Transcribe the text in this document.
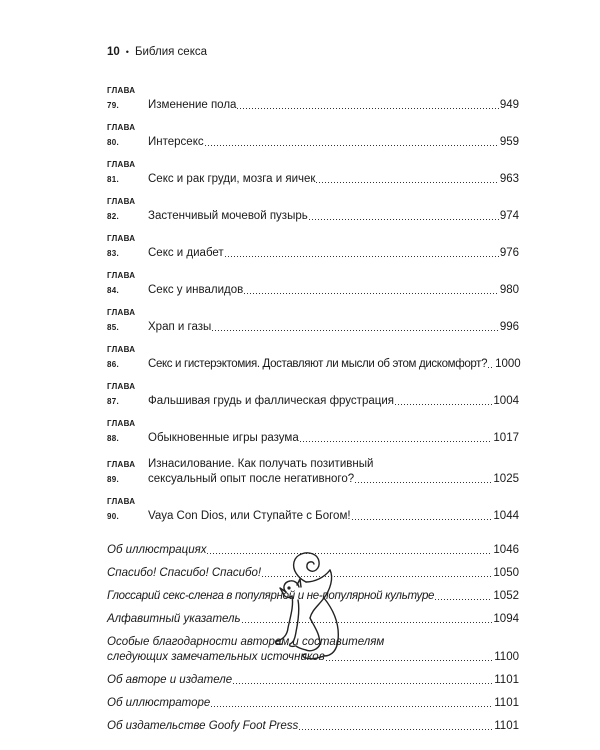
10 • Библия секса
ГЛАВА 79.	Изменение пола	949
ГЛАВА 80.	Интерсекс	959
ГЛАВА 81.	Секс и рак груди, мозга и яичек	963
ГЛАВА 82.	Застенчивый мочевой пузырь	974
ГЛАВА 83.	Секс и диабет	976
ГЛАВА 84.	Секс у инвалидов	980
ГЛАВА 85.	Храп и газы	996
ГЛАВА 86.	Секс и гистерэктомия. Доставляют ли мысли об этом дискомфорт? 1000
ГЛАВА 87.	Фальшивая грудь и фаллическая фрустрация	1004
ГЛАВА 88.	Обыкновенные игры разума	1017
ГЛАВА 89.
Изнасилование. Как получать позитивный
сексуальный опыт после негативного?	1025
ГЛАВА 90.	Vaya Con Dios, или Ступайте с Богом!	1044
Об иллюстрациях	1046
Спасибо! Спасибо! Спасибо!	1050
Глоссарий секс-сленга в популярной и не-популярной культуре	1052
Алфавитный указатель	1094
Особые благодарности авторам и составителям
следующих замечательных источников	1100
Об авторе и издателе	1101
Об иллюстраторе	1101
Об издательстве Goofy Foot Press	1101
